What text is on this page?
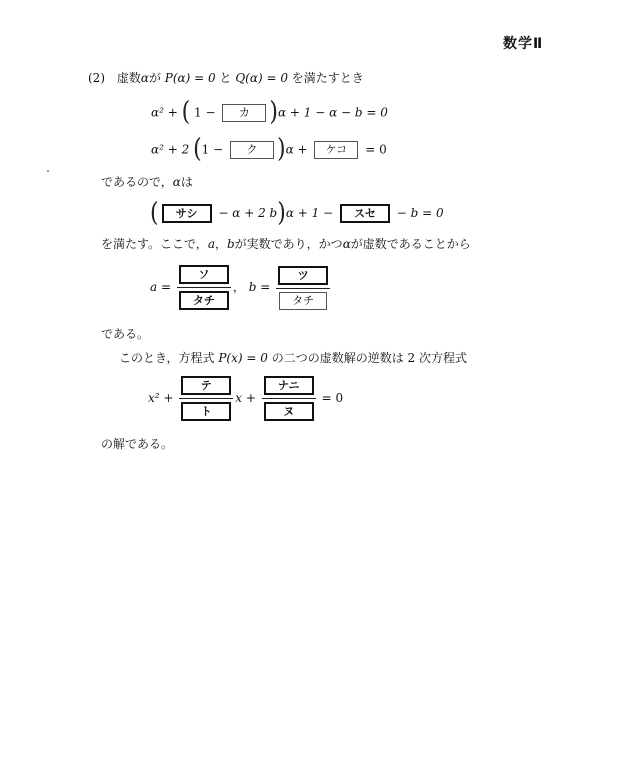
数学Ⅱ
(2) 虚数αが P(α) = 0 と Q(α) = 0 を満たすとき
α² + ( 1 − カ )α + 1 − α − b = 0
α² + 2 (1 − ク )α + ケコ = 0
であるので，αは
( サシ − α + 2 b)α + 1 − スセ − b = 0
を満たす。ここで，a，bが実数であり，かつαが虚数であることから
$a = \frac{\text{ソ}}{\text{タチ}}$ ， $b = \frac{\text{ツ}}{\text{タチ}}$
である。
このとき，方程式 P(x) = 0 の二つの虚数解の逆数は 2 次方程式
$x^2 + \frac{\text{テ}}{\text{ト}}$ $x + \frac{\text{ナニ}}{\text{ヌ}} = 0$
の解である。
